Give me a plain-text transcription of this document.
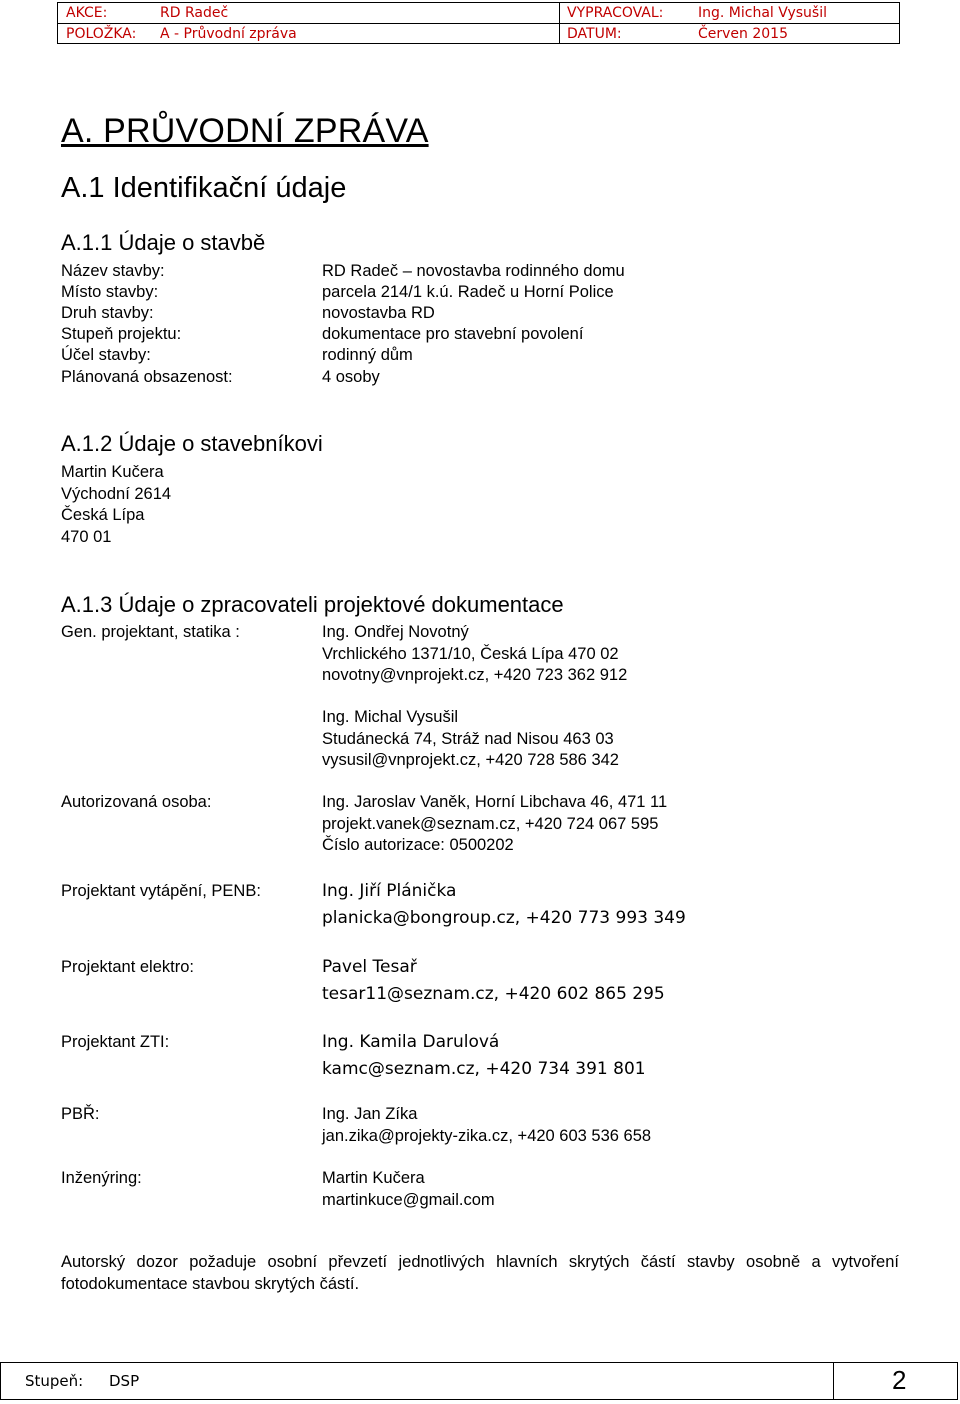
AKCE:	RD Radeč	VYPRACOVAL: Ing. Michal Vysušil
POLOŽKA: A - Průvodní zpráva	DATUM:	Červen 2015
A. PRŮVODNÍ ZPRÁVA
A.1 Identifikační údaje
A.1.1 Údaje o stavbě
Název stavby:	RD Radeč – novostavba rodinného domu
Místo stavby:	parcela 214/1 k.ú. Radeč u Horní Police
Druh stavby:	novostavba RD
Stupeň projektu:	dokumentace pro stavební povolení
Účel stavby:	rodinný dům
Plánovaná obsazenost:	4 osoby
A.1.2 Údaje o stavebníkovi
Martin Kučera
Východní 2614
Česká Lípa
470 01
A.1.3 Údaje o zpracovateli projektové dokumentace
Gen. projektant, statika :	Ing. Ondřej Novotný
Vrchlického 1371/10, Česká Lípa 470 02
novotny@vnprojekt.cz, +420 723 362 912
Ing. Michal Vysušil
Studánecká 74, Stráž nad Nisou 463 03
vysusil@vnprojekt.cz, +420 728 586 342
Autorizovaná osoba:	Ing. Jaroslav Vaněk, Horní Libchava 46, 471 11
projekt.vanek@seznam.cz, +420 724 067 595
Číslo autorizace: 0500202
Projektant vytápění, PENB:	Ing. Jiří Plánička
planicka@bongroup.cz, +420 773 993 349
Projektant elektro:	Pavel Tesař
tesar11@seznam.cz, +420 602 865 295
Projektant ZTI:	Ing. Kamila Darulová
kamc@seznam.cz, +420 734 391 801
PBŘ:	Ing. Jan Zíka
jan.zika@projekty-zika.cz, +420 603 536 658
Inženýring:	Martin Kučera
martinkuce@gmail.com
Autorský dozor požaduje osobní převzetí jednotlivých hlavních skrytých částí stavby osobně a vytvoření fotodokumentace stavbou skrytých částí.
Stupeň: DSP	2
